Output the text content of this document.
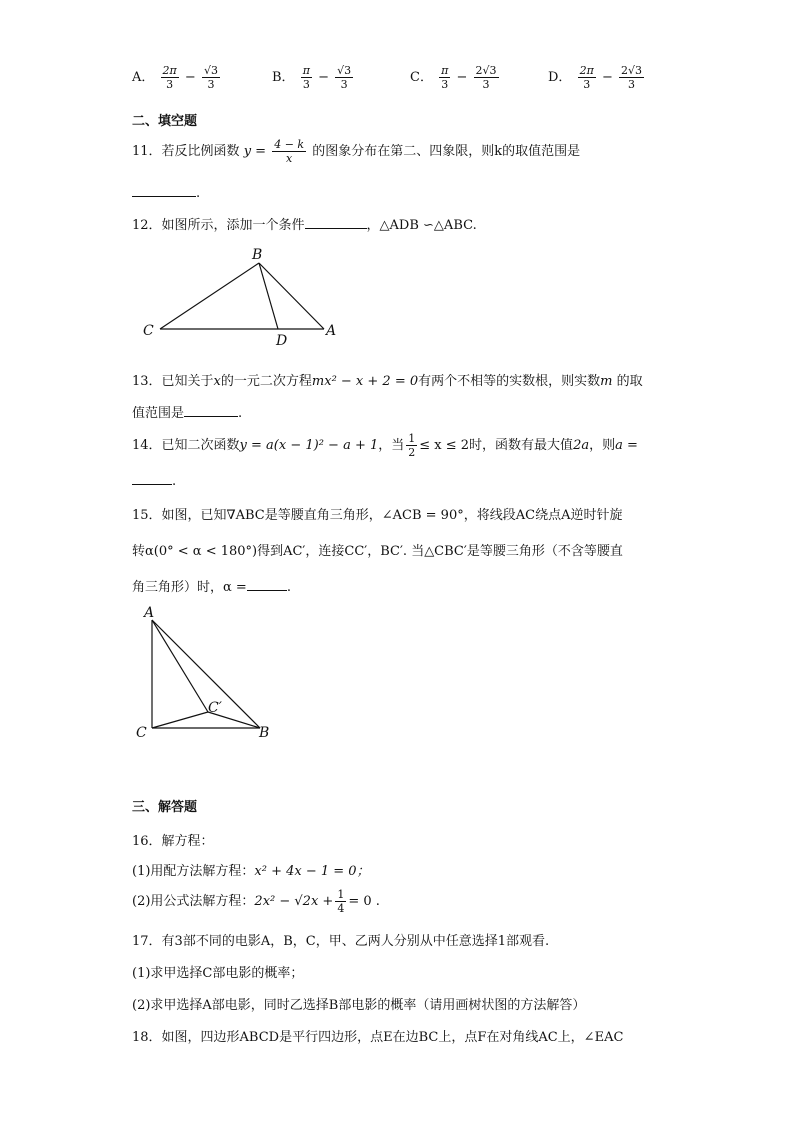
A． $\frac{2\pi}{3} - \frac{√3}{3}$	B． $\frac{\pi}{3} - \frac{√3}{3}$	C． $\frac{\pi}{3} - \frac{2√3}{3}$	D． $\frac{2\pi}{3} - \frac{2√3}{3}$
二、填空题
11．若反比例函数 $y = \frac{4 - k}{x}$ 的图象分布在第二、四象限，则k的取值范围是
.
12．如图所示，添加一个条件	，△ADB ∽△ABC.
B
C
D
A
13．已知关于x的一元二次方程mx² − x + 2 = 0有两个不相等的实数根，则实数m 的取
值范围是	.
14．已知二次函数y = a(x − 1)² − a + 1，当 $\frac{1}{2} \le x \le 2$时，函数有最大值2a，则a =
.
15．如图，已知∇ABC是等腰直角三角形，∠ACB = 90°，将线段AC绕点A逆时针旋
转α(0° < α < 180°)得到AC′，连接CC′，BC′. 当△CBC′是等腰三角形（不含等腰直
角三角形）时，α =	.
A
C	B
C′
三、解答题
16．解方程：
(1)用配方法解方程：x² + 4x − 1 = 0；
(2)用公式法解方程：$2x^2 - √2x + \frac{1}{4} = 0$ .
17．有3部不同的电影A，B，C，甲、乙两人分别从中任意选择1部观看.
(1)求甲选择C部电影的概率；
(2)求甲选择A部电影，同时乙选择B部电影的概率（请用画树状图的方法解答）
18．如图，四边形ABCD是平行四边形，点E在边BC上，点F在对角线AC上，∠EAC
